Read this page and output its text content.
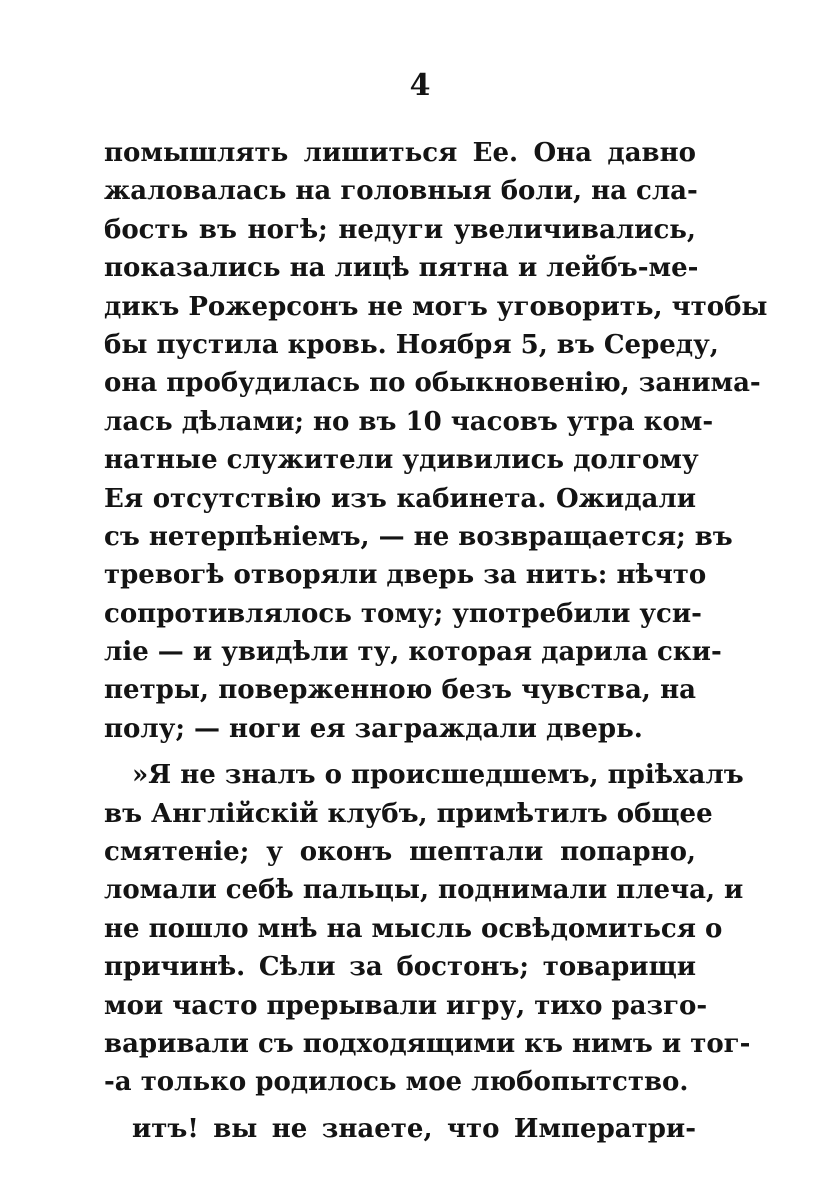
4
помышлять лишиться Ее. Она давно
жаловалась на головныя боли, на сла-
бость въ ногѣ; недуги увеличивались,
показались на лицѣ пятна и лейбъ-ме-
дикъ Рожерсонъ не могъ уговорить, чтобы
бы пустила кровь. Ноября 5, въ Середу,
она пробудилась по обыкновенію, занима-
лась дѣлами; но въ 10 часовъ утра ком-
натные служители удивились долгому
Ея отсутствію изъ кабинета. Ожидали
съ нетерпѣніемъ, — не возвращается; въ
тревогѣ отворяли дверь за нить: нѣчто
сопротивлялось тому; употребили уси-
ліе — и увидѣли ту, которая дарила ски-
петры, поверженною безъ чувства, на
полу; — ноги ея заграждали дверь.
»Я не зналъ о происшедшемъ, пріѣхалъ
въ Англійскій клубъ, примѣтилъ общее
смятеніе; у оконъ шептали попарно,
ломали себѣ пальцы, поднимали плеча, и
не пошло мнѣ на мысль освѣдомиться о
причинѣ. Сѣли за бостонъ; товарищи
мои часто прерывали игру, тихо разго-
варивали съ подходящими къ нимъ и тог-
-а только родилось мое любопытство.
итъ! вы не знаете, что Императри-
